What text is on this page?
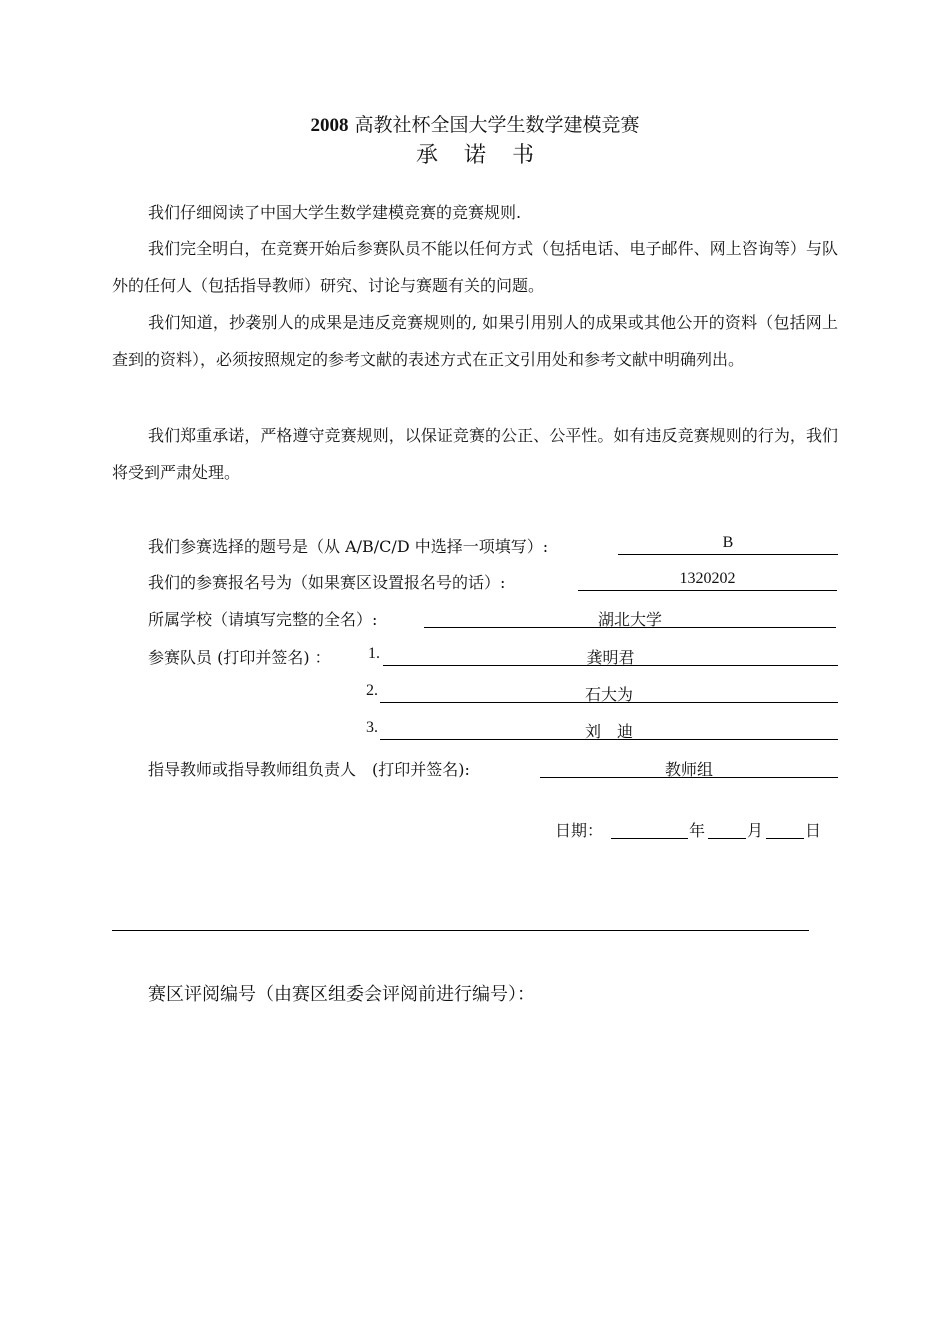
2008 高教社杯全国大学生数学建模竞赛
承诺书

我们仔细阅读了中国大学生数学建模竞赛的竞赛规则.

我们完全明白，在竞赛开始后参赛队员不能以任何方式（包括电话、电子邮件、网上咨询等）与队外的任何人（包括指导教师）研究、讨论与赛题有关的问题。

我们知道，抄袭别人的成果是违反竞赛规则的, 如果引用别人的成果或其他公开的资料（包括网上查到的资料），必须按照规定的参考文献的表述方式在正文引用处和参考文献中明确列出。

我们郑重承诺，严格遵守竞赛规则，以保证竞赛的公正、公平性。如有违反竞赛规则的行为，我们将受到严肃处理。

我们参赛选择的题号是（从 A/B/C/D 中选择一项填写）:	B
我们的参赛报名号为（如果赛区设置报名号的话）:	1320202
所属学校（请填写完整的全名）:	湖北大学
参赛队员 (打印并签名) ： 1.	龚明君
2.	石大为
3.	刘　迪
指导教师或指导教师组负责人　(打印并签名):	教师组
日期：	年	月	日
赛区评阅编号（由赛区组委会评阅前进行编号）：
